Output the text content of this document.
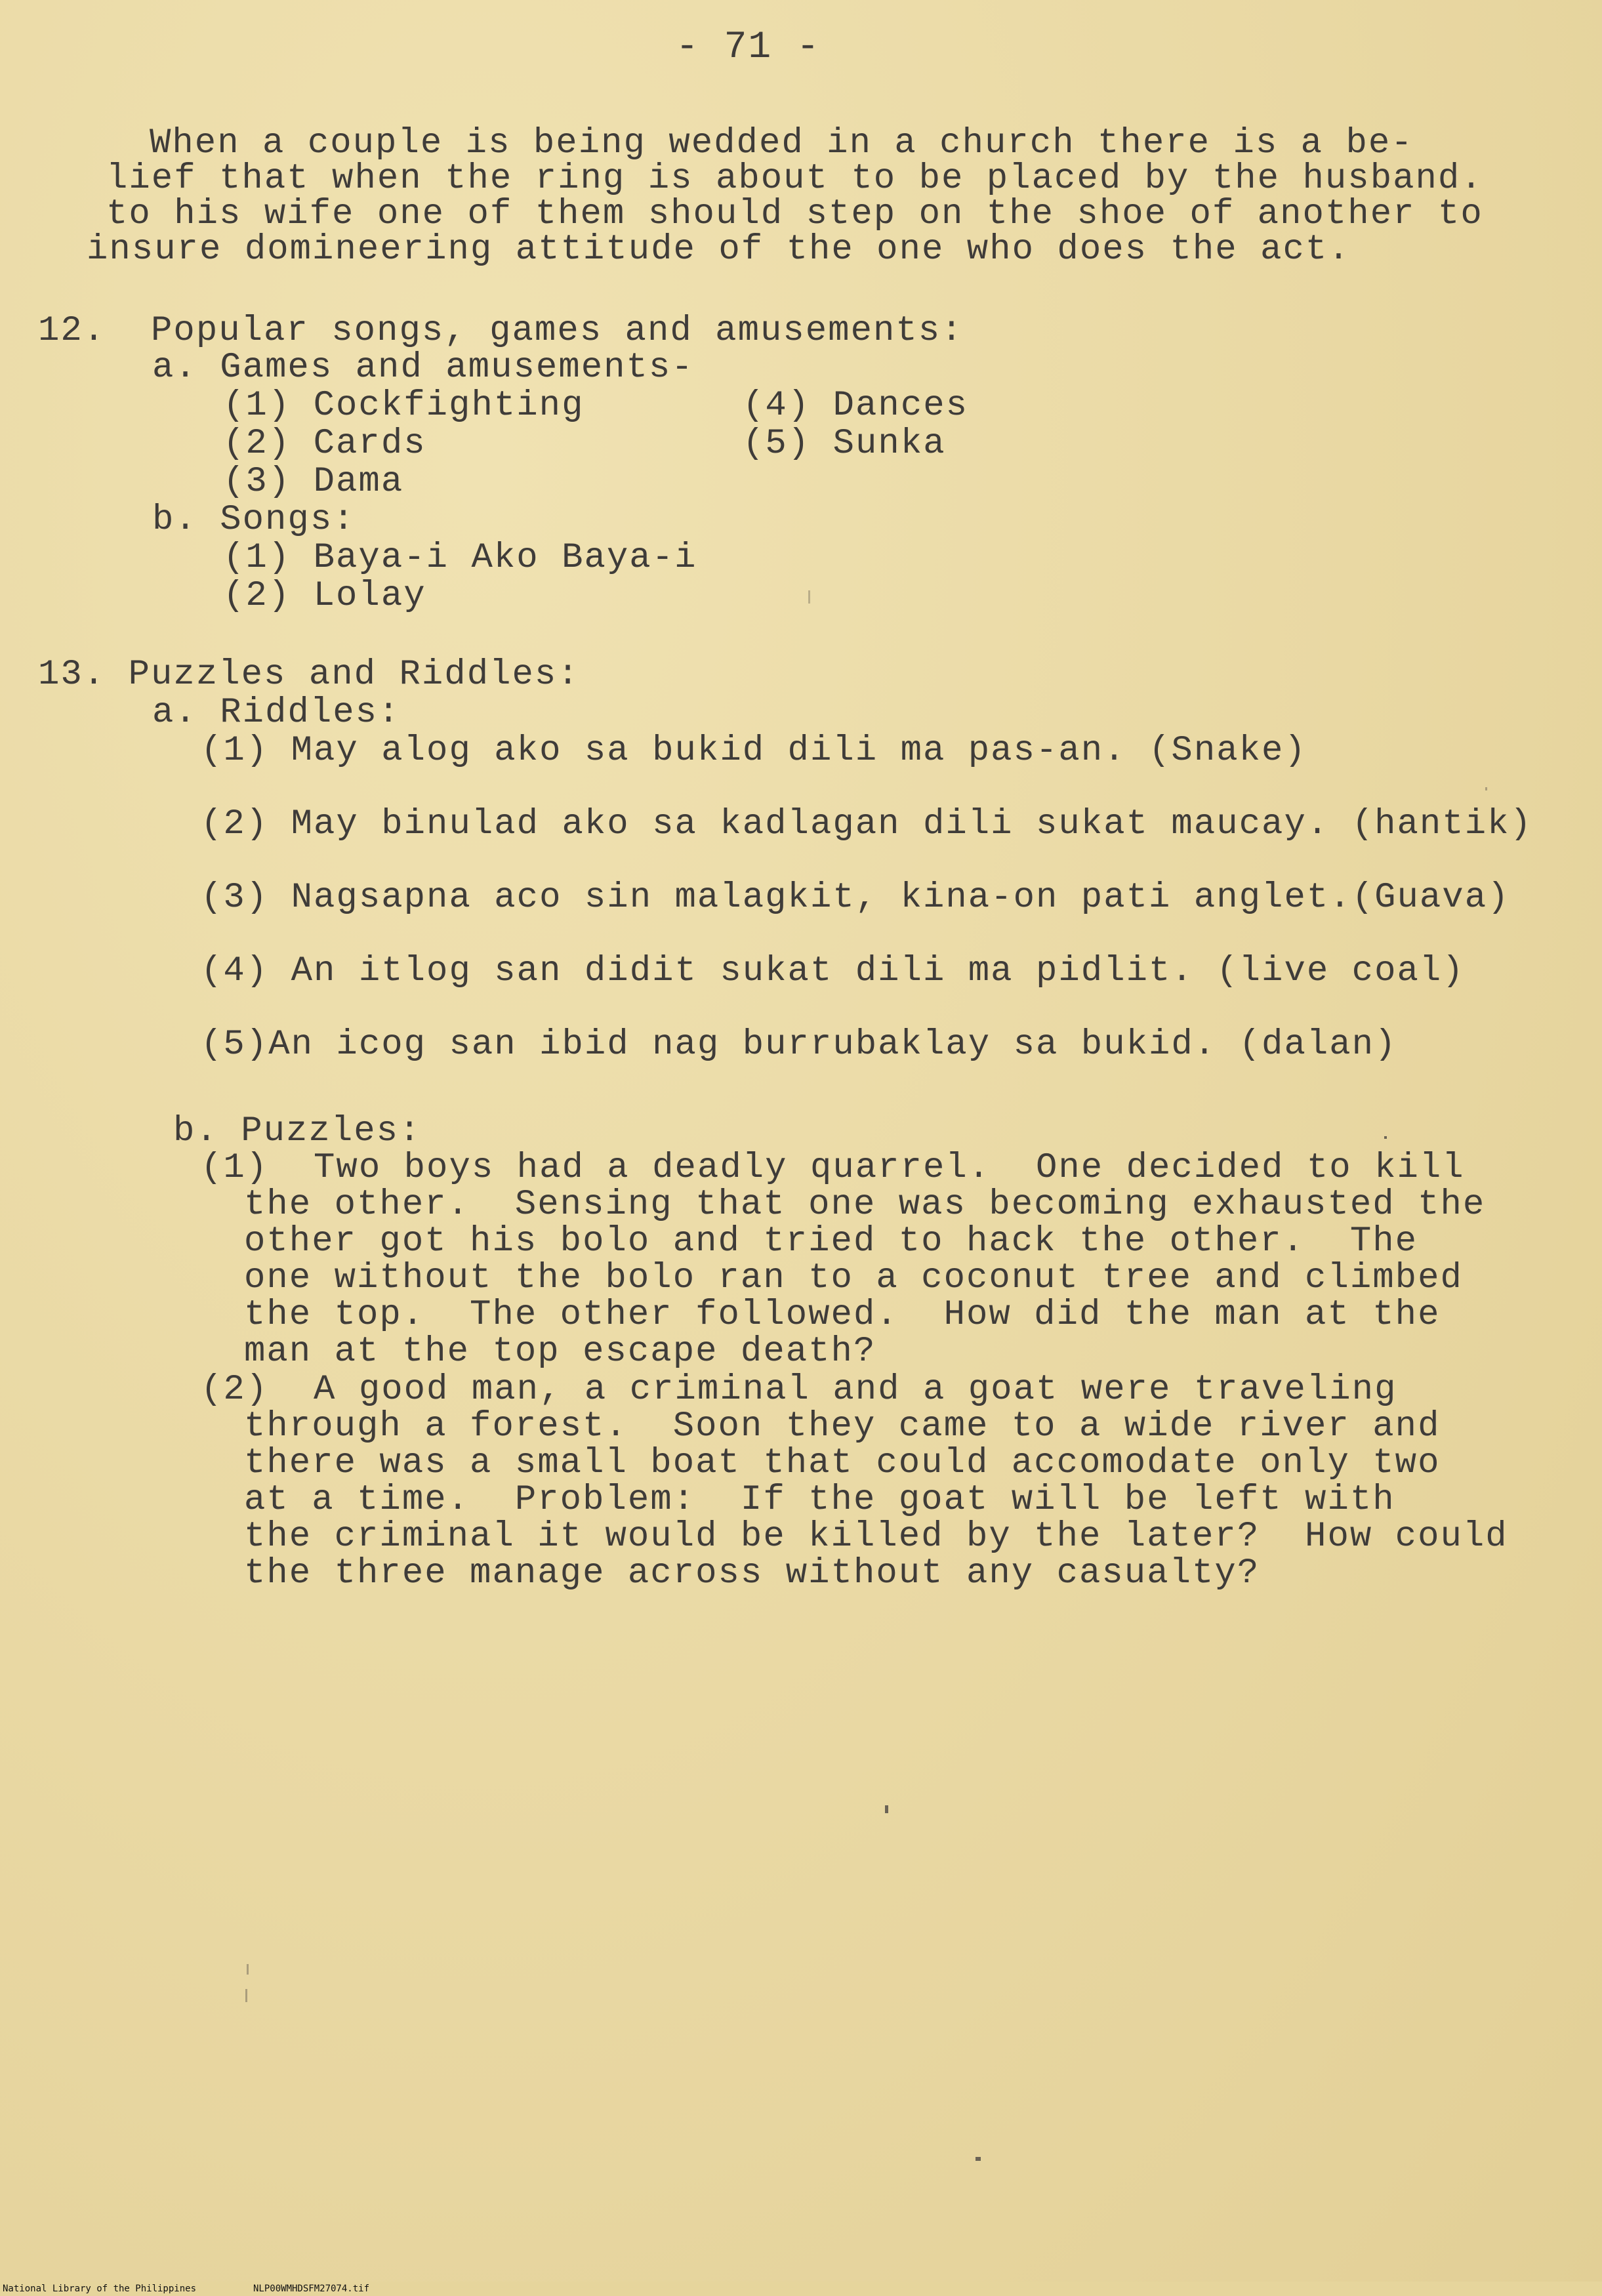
- 71 -
When a couple is being wedded in a church there is a be-
lief that when the ring is about to be placed by the husband.
to his wife one of them should step on the shoe of another to
insure domineering attitude of the one who does the act.
12.  Popular songs, games and amusements:
a. Games and amusements-
(1) Cockfighting
(2) Cards
(3) Dama
(4) Dances
(5) Sunka
b. Songs:
(1) Baya-i Ako Baya-i
(2) Lolay
13. Puzzles and Riddles:
a. Riddles:
(1) May alog ako sa bukid dili ma pas-an. (Snake)
(2) May binulad ako sa kadlagan dili sukat maucay. (hantik)
(3) Nagsapna aco sin malagkit, kina-on pati anglet.(Guava)
(4) An itlog san didit sukat dili ma pidlit. (live coal)
(5)An icog san ibid nag burrubaklay sa bukid. (dalan)
b. Puzzles:
(1)  Two boys had a deadly quarrel.  One decided to kill
the other.  Sensing that one was becoming exhausted the
other got his bolo and tried to hack the other.  The
one without the bolo ran to a coconut tree and climbed
the top.  The other followed.  How did the man at the
man at the top escape death?
(2)  A good man, a criminal and a goat were traveling
through a forest.  Soon they came to a wide river and
there was a small boat that could accomodate only two
at a time.  Problem:  If the goat will be left with
the criminal it would be killed by the later?  How could
the three manage across without any casualty?
National Library of the Philippines	NLP00WMHDSFM27074.tif
